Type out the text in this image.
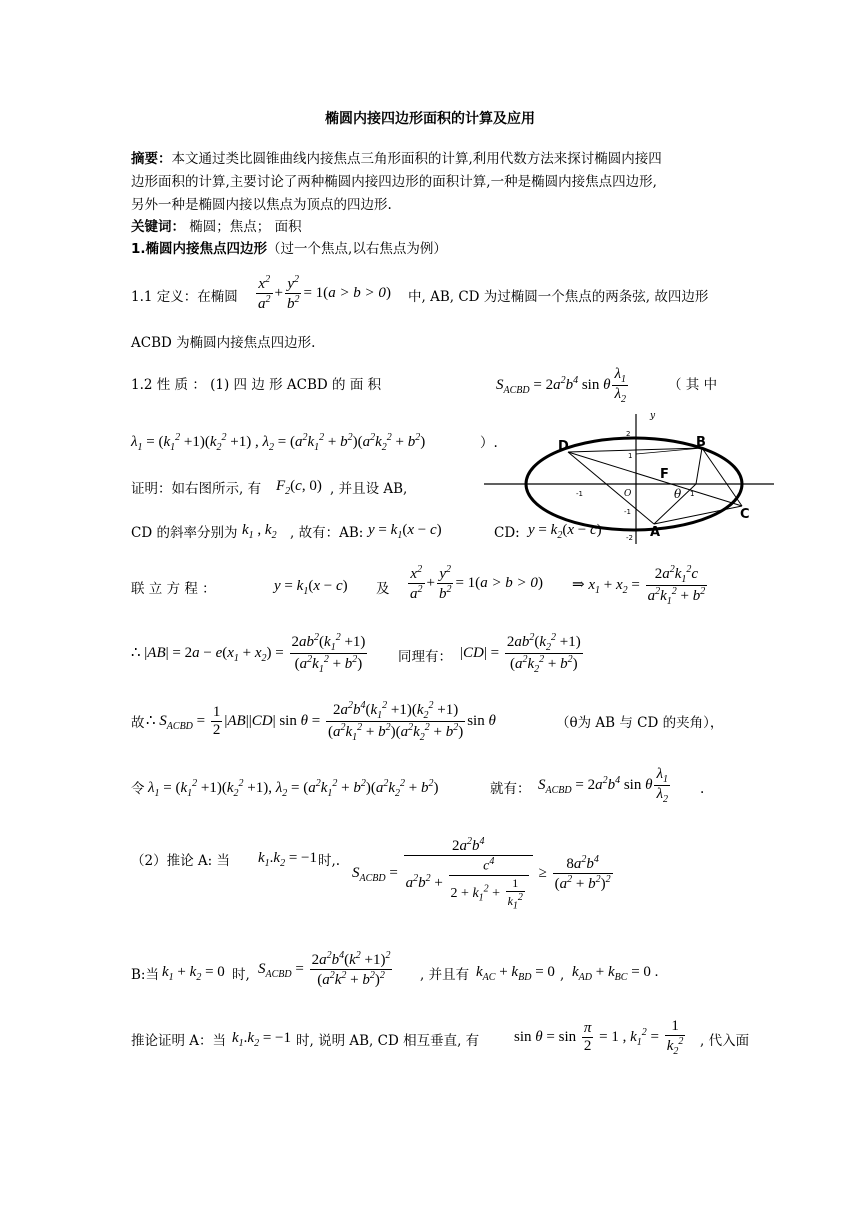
椭圆内接四边形面积的计算及应用
摘要：本文通过类比圆锥曲线内接焦点三角形面积的计算,利用代数方法来探讨椭圆内接四
边形面积的计算,主要讨论了两种椭圆内接四边形的面积计算,一种是椭圆内接焦点四边形,
另外一种是椭圆内接以焦点为顶点的四边形.
关键词： 椭圆；焦点； 面积
1.椭圆内接焦点四边形（过一个焦点,以右焦点为例）
1.1 定义：在椭圆 $\frac{x^2}{a^2} + \frac{y^2}{b^2} = 1(a > b > 0)$ 中, AB, CD 为过椭圆一个焦点的两条弦, 故四边形
ACBD 为椭圆内接焦点四边形.
1.2 性 质 ： (1) 四 边 形 ACBD 的 面 积	$S_{ACBD} = 2a^2b^4$ sin θ $\frac{\lambda_1}{\lambda_2}$	（ 其 中
$\lambda_1 = (k_1^2 +1)(k_2^2 +1)$ , $\lambda_2 = (a^2k_1^2 + b^2)(a^2k_2^2 + b^2)$	）.
证明：如右图所示, 有 $F_2(c$, 0) , 并且设 AB,
CD 的斜率分别为 $k_1$ , $k_2$ , 故有：AB: $y = k_1(x - c)$	CD: $y = k_2(x - c)$
D	B
A
C
F
θ
O
y
-1	1
-1
1
2
-2
联 立 方 程 ：	$y = k_1(x - c)$ 及 $\frac{x^2}{a^2} + \frac{y^2}{b^2} = 1(a > b > 0)$ ⇒ $x_1 + x_2 = \frac{2a^2k_1^2c}{a^2k_1^2 + b^2}$
∴ $|AB| = 2a - e(x_1 + x_2) = \frac{2ab^2(k_1^2 +1)}{(a^2k_1^2 + b^2)}$ 同理有： $|CD| = \frac{2ab^2(k_2^2 +1)}{(a^2k_2^2 + b^2)}$
故 ∴ $S_{ACBD} = \frac{1}{2} |AB||CD|$ $\sin \theta = \frac{2a^2b^4(k_1^2 +1)(k_2^2 +1)}{(a^2k_1^2 + b^2)(a^2k_2^2 + b^2)}$ sin θ	（θ为 AB 与 CD 的夹角），
令 $\lambda_1 = (k_1^2 +1)(k_2^2 +1)$, $\lambda_2 = (a^2k_1^2 + b^2)(a^2k_2^2 + b^2)$	就有： $S_{ACBD} = 2a^2b^4$ sin θ $\frac{\lambda_1}{\lambda_2}$ .
（2）推论 A: 当 $k_1.k_2 = -1$ 时,.
$S_{ACBD} = \frac{2a^2b^4}{a^2b^2 + \frac{c^4}{2 + k_1^2 + \frac{1}{k_1^2}}} \ge \frac{8a^2b^4}{(a^2 + b^2)^2}$
B:当 $k_1 + k_2 = 0$ 时, $S_{ACBD} = \frac{2a^2b^4(k^2 +1)^2}{(a^2k^2 + b^2)^2}$ , 并且有 $k_{AC} + k_{BD} = 0$ , $k_{AD} + k_{BC} = 0$ .
推论证明 A：当 $k_1.k_2 = -1$ 时, 说明 AB, CD 相互垂直, 有 $\sin \theta = \sin \frac{\pi}{2} = 1$ , $k_1^2 = \frac{1}{k_2^2}$ , 代入面
